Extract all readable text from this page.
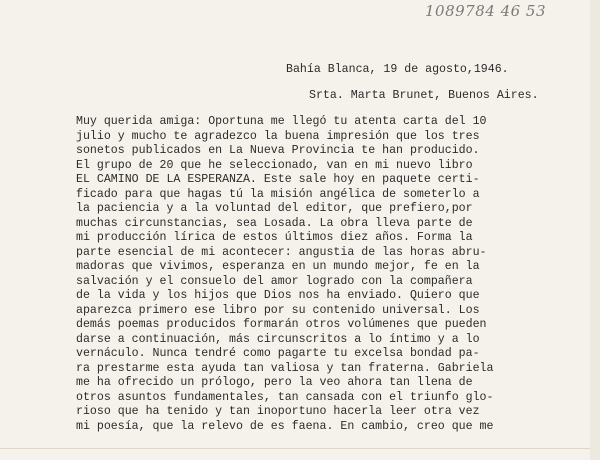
1089784 46 53
Bahía Blanca, 19 de agosto,1946.
Srta. Marta Brunet, Buenos Aires.
Muy querida amiga: Oportuna me llegó tu atenta carta del 10
julio y mucho te agradezco la buena impresión que los tres
sonetos publicados en La Nueva Provincia te han producido.
El grupo de 20 que he seleccionado, van en mi nuevo libro
EL CAMINO DE LA ESPERANZA. Este sale hoy en paquete certi-
ficado para que hagas tú la misión angélica de someterlo a
la paciencia y a la voluntad del editor, que prefiero,por
muchas circunstancias, sea Losada. La obra lleva parte de
mi producción lírica de estos últimos diez años. Forma la
parte esencial de mi acontecer: angustia de las horas abru-
madoras que vivimos, esperanza en un mundo mejor, fe en la
salvación y el consuelo del amor logrado con la compañera
de la vida y los hijos que Dios nos ha enviado. Quiero que
aparezca primero ese libro por su contenido universal. Los
demás poemas producidos formarán otros volúmenes que pueden
darse a continuación, más circunscritos a lo íntimo y a lo
vernáculo. Nunca tendré como pagarte tu excelsa bondad pa-
ra prestarme esta ayuda tan valiosa y tan fraterna. Gabriela
me ha ofrecido un prólogo, pero la veo ahora tan llena de
otros asuntos fundamentales, tan cansada con el triunfo glo-
rioso que ha tenido y tan inoportuno hacerla leer otra vez
mi poesía, que la relevo de es faena. En cambio, creo que me
